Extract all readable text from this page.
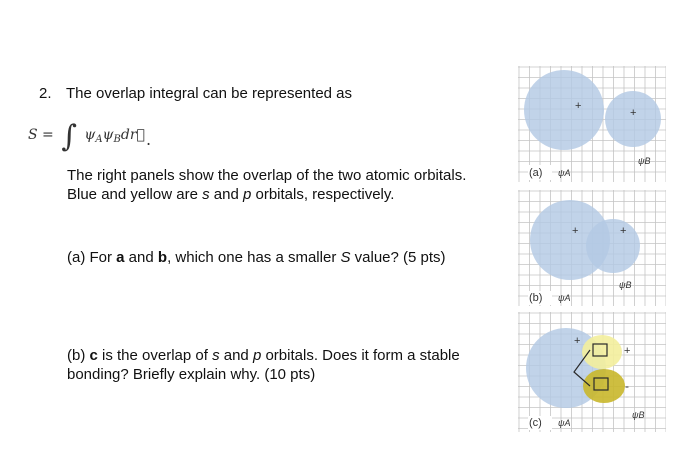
2. The overlap integral can be represented as
S = ∫ $\psi_A\psi_Bdr⃗$.
The right panels show the overlap of the two atomic orbitals. Blue and yellow are s and p orbitals, respectively.
(a) For a and b, which one has a smaller S value? (5 pts)
(b) c is the overlap of s and p orbitals. Does it form a stable bonding? Briefly explain why. (10 pts)
+
+
ψB
(a) ψA
+	+
ψB
(b) ψA
+
+
-
ψB
(c) ψA
